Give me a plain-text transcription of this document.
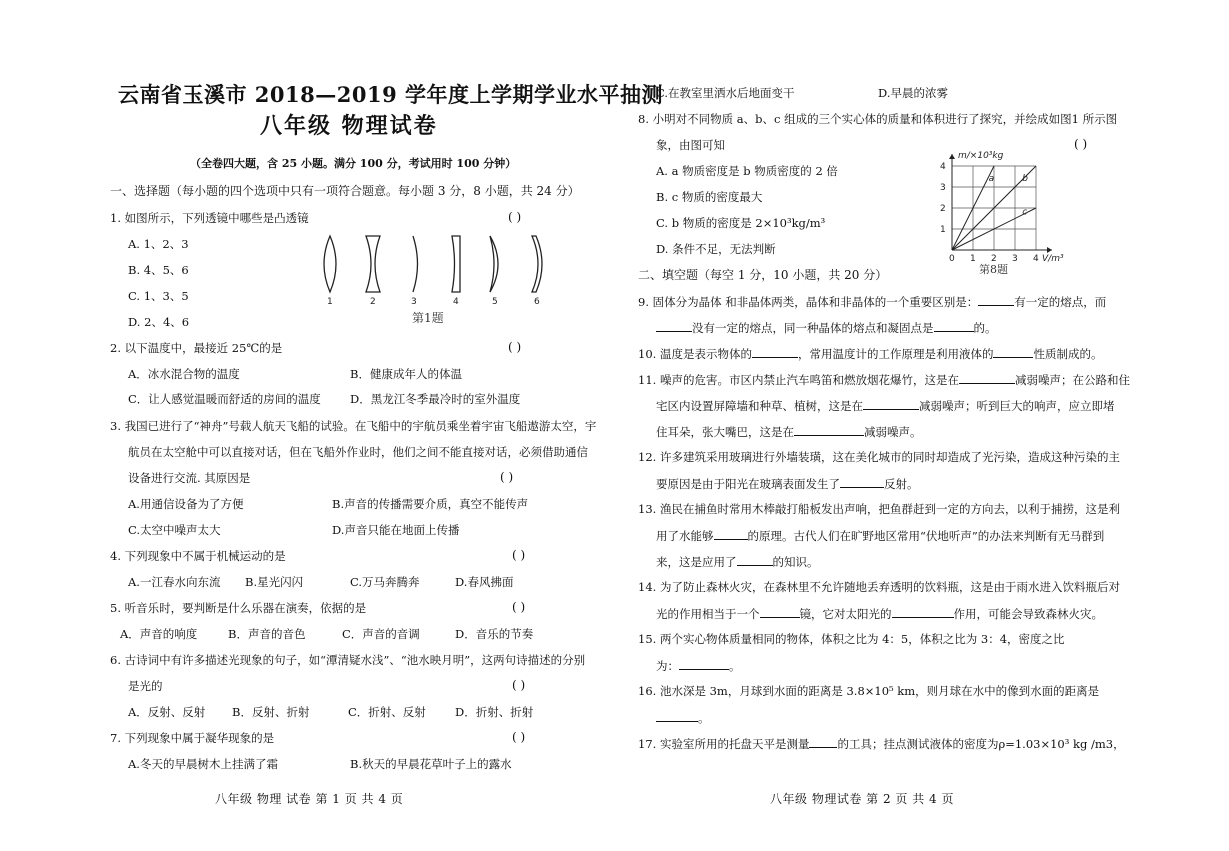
云南省玉溪市 2018—2019 学年度上学期学业水平抽测
八年级 物理试卷
（全卷四大题，含 25 小题。满分 100 分，考试用时 100 分钟）
一、选择题（每小题的四个选项中只有一项符合题意。每小题 3 分，8 小题，共 24 分）
1. 如图所示，下列透镜中哪些是凸透镜	( )
A. 1、2、3
B. 4、5、6
C. 1、3、5
D. 2、4、6
1	2	3	4	5	6
第1题
2. 以下温度中，最接近 25℃的是	( )
A．冰水混合物的温度	B．健康成年人的体温
C．让人感觉温暖而舒适的房间的温度	D．黑龙江冬季最冷时的室外温度
3. 我国已进行了“神舟”号载人航天飞船的试验。在飞船中的宇航员乘坐着宇宙飞船遨游太空，宇
航员在太空舱中可以直接对话，但在飞船外作业时，他们之间不能直接对话，必须借助通信
设备进行交流. 其原因是	( )
A.用通信设备为了方便	B.声音的传播需要介质，真空不能传声
C.太空中噪声太大	D.声音只能在地面上传播
4. 下列现象中不属于机械运动的是	( )
A.一江春水向东流 B.星光闪闪	C.万马奔腾奔	D.春风拂面
5. 听音乐时，要判断是什么乐器在演奏，依据的是	( )
A．声音的响度	B．声音的音色	C．声音的音调	D．音乐的节奏
6. 古诗词中有许多描述光现象的句子，如“潭清疑水浅”、“池水映月明”，这两句诗描述的分别
是光的	( )
A．反射、反射 B．反射、折射	C．折射、反射	D．折射、折射
7. 下列现象中属于凝华现象的是	( )
A.冬天的早晨树木上挂满了霜	B.秋天的早晨花草叶子上的露水
八年级 物理 试卷 第 1 页 共 4 页
C.在教室里洒水后地面变干	D.早晨的浓雾
8. 小明对不同物质 a、b、c 组成的三个实心体的质量和体积进行了探究，并绘成如图1 所示图
象，由图可知	( )
A. a 物质密度是 b 物质密度的 2 倍
B. c 物质的密度最大
C. b 物质的密度是 2×10³kg/m³
D. 条件不足，无法判断
0 1 2 3 4
1
2
3
4
m/×10³kg
V/m³
a	b
c
第8题
二、填空题（每空 1 分，10 小题，共 20 分）
9. 固体分为晶体 和非晶体两类，晶体和非晶体的一个重要区别是：	有一定的熔点，而
没有一定的熔点，同一种晶体的熔点和凝固点是	的。
10. 温度是表示物体的	，常用温度计的工作原理是利用液体的	性质制成的。
11. 噪声的危害。市区内禁止汽车鸣笛和燃放烟花爆竹，这是在	减弱噪声；在公路和住
宅区内设置屏障墙和种草、植树，这是在	减弱噪声；听到巨大的响声，应立即堵
住耳朵，张大嘴巴，这是在	减弱噪声。
12. 许多建筑采用玻璃进行外墙装璜，这在美化城市的同时却造成了光污染，造成这种污染的主
要原因是由于阳光在玻璃表面发生了	反射。
13. 渔民在捕鱼时常用木棒敲打船板发出声响，把鱼群赶到一定的方向去，以利于捕捞，这是利
用了水能够	的原理。古代人们在旷野地区常用“伏地听声”的办法来判断有无马群到
来，这是应用了	的知识。
14. 为了防止森林火灾，在森林里不允许随地丢弃透明的饮料瓶，这是由于雨水进入饮料瓶后对
光的作用相当于一个	镜，它对太阳光的	作用，可能会导致森林火灾。
15. 两个实心物体质量相同的物体，体积之比为 4：5，体积之比为 3：4，密度之比
为：	。
16. 池水深是 3m，月球到水面的距离是 3.8×10⁵ km，则月球在水中的像到水面的距离是
。
17. 实验室所用的托盘天平是测量 的工具；挂点测试液体的密度为ρ=1.03×10³ kg /m3，
八年级 物理试卷 第 2 页 共 4 页
